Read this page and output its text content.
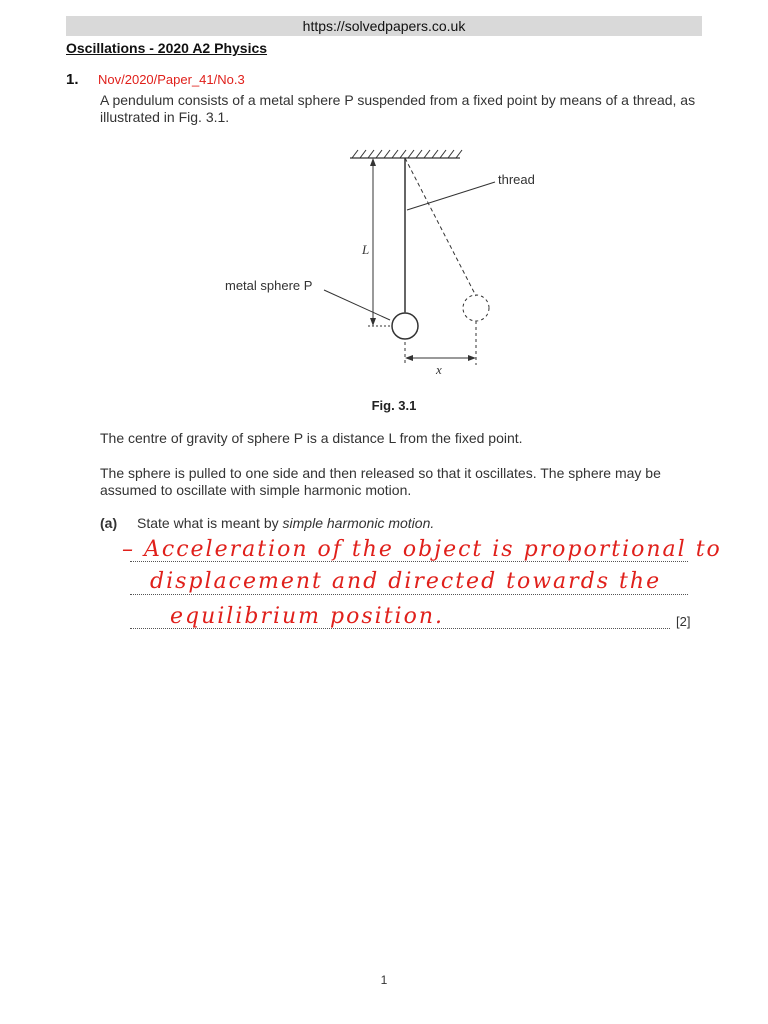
https://solvedpapers.co.uk
Oscillations - 2020 A2 Physics
1. Nov/2020/Paper_41/No.3
A pendulum consists of a metal sphere P suspended from a fixed point by means of a thread, as illustrated in Fig. 3.1.
L
x
thread
metal sphere P
Fig. 3.1
The centre of gravity of sphere P is a distance L from the fixed point.
The sphere is pulled to one side and then released so that it oscillates. The sphere may be assumed to oscillate with simple harmonic motion.
(a) State what is meant by simple harmonic motion.
– Acceleration of the object is proportional to
displacement and directed towards the
equilibrium position.	[2]
1
